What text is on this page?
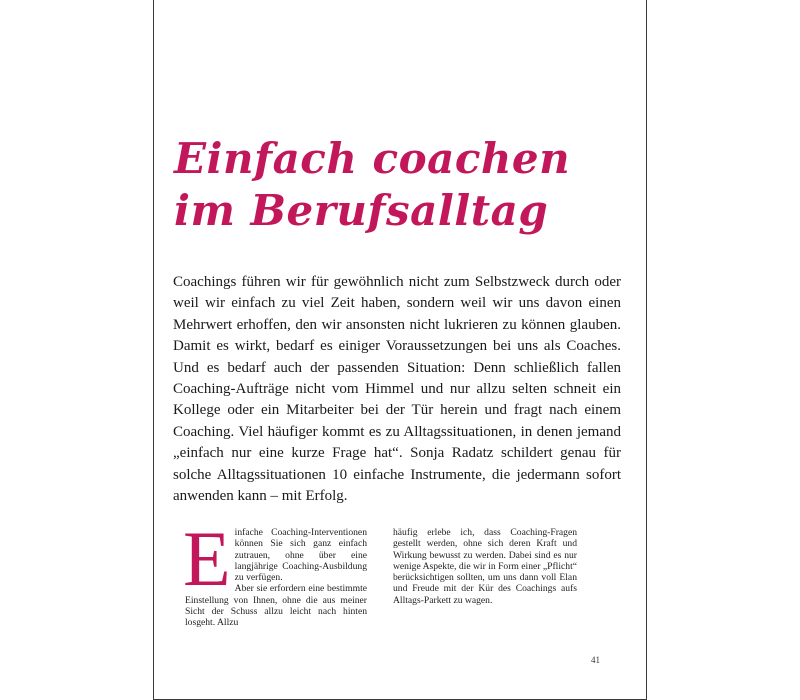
Einfach coachen
im Berufsalltag

Coachings führen wir für gewöhnlich nicht zum Selbstzweck durch oder weil wir einfach zu viel Zeit haben, sondern weil wir uns davon einen Mehrwert erhoffen, den wir ansonsten nicht lukrieren zu können glauben. Damit es wirkt, bedarf es einiger Voraussetzungen bei uns als Coaches. Und es bedarf auch der passenden Situation: Denn schließlich fallen Coaching-Aufträge nicht vom Himmel und nur allzu selten schneit ein Kollege oder ein Mitarbeiter bei der Tür herein und fragt nach einem Coaching. Viel häufiger kommt es zu Alltagssituationen, in denen jemand „einfach nur eine kurze Frage hat“. Sonja Radatz schildert genau für solche Alltagssituationen 10 einfache Instrumente, die jedermann sofort anwenden kann – mit Erfolg.

E infache Coaching-Interventionen können Sie sich ganz einfach zutrauen, ohne über eine langjährige Coaching-Ausbildung zu verfügen.
Aber sie erfordern eine bestimmte Einstellung von Ihnen, ohne die aus meiner Sicht der Schuss allzu leicht nach hinten losgeht. Allzu
häufig erlebe ich, dass Coaching-Fragen gestellt werden, ohne sich deren Kraft und Wirkung bewusst zu werden. Dabei sind es nur wenige Aspekte, die wir in Form einer „Pflicht“ berücksichtigen sollten, um uns dann voll Elan und Freude mit der Kür des Coachings aufs Alltags-Parkett zu wagen.
41
